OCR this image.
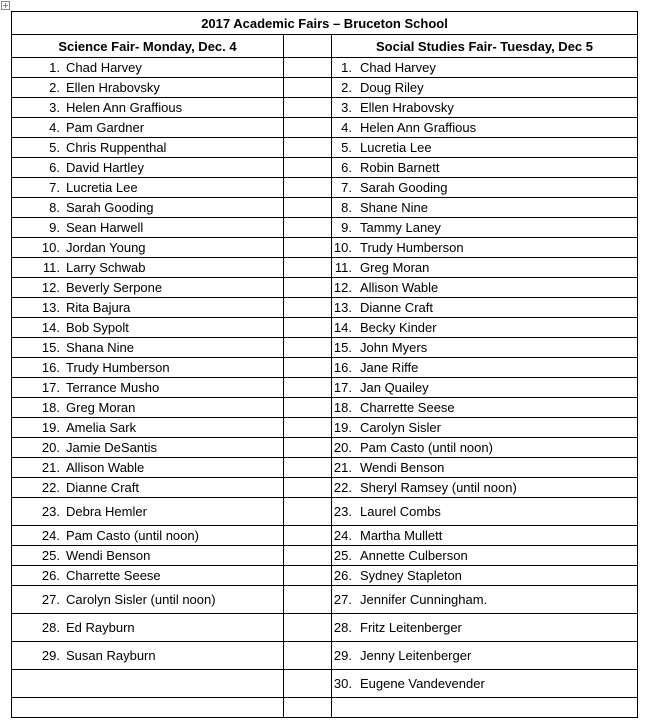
+
2017 Academic Fairs – Bruceton School		
Science Fair- Monday, Dec. 4		Social Studies Fair- Tuesday, Dec 5

1. Chad Harvey		1. Chad Harvey

2. Ellen Hrabovsky		2. Doug Riley

3. Helen Ann Graffious		3. Ellen Hrabovsky

4. Pam Gardner		4. Helen Ann Graffious

5. Chris Ruppenthal		5. Lucretia Lee

6. David Hartley		6. Robin Barnett

7. Lucretia Lee		7. Sarah Gooding

8. Sarah Gooding		8. Shane Nine

9. Sean Harwell		9. Tammy Laney

10. Jordan Young		10. Trudy Humberson

11. Larry Schwab		11. Greg Moran

12. Beverly Serpone		12. Allison Wable

13. Rita Bajura		13. Dianne Craft

14. Bob Sypolt		14. Becky Kinder

15. Shana Nine		15. John Myers

16. Trudy Humberson		16. Jane Riffe

17. Terrance Musho		17. Jan Quailey

18. Greg Moran		18. Charrette Seese

19. Amelia Sark		19. Carolyn Sisler

20. Jamie DeSantis		20. Pam Casto (until noon)

21. Allison Wable		21. Wendi Benson

22. Dianne Craft		22. Sheryl Ramsey (until noon)

23. Debra Hemler		23. Laurel Combs

24. Pam Casto (until noon)		24. Martha Mullett

25. Wendi Benson		25. Annette Culberson

26. Charrette Seese		26. Sydney Stapleton

27. Carolyn Sisler (until noon)		27. Jennifer Cunningham.

28. Ed Rayburn		28. Fritz Leitenberger

29. Susan Rayburn		29. Jenny Leitenberger

		30. Eugene Vandevender
